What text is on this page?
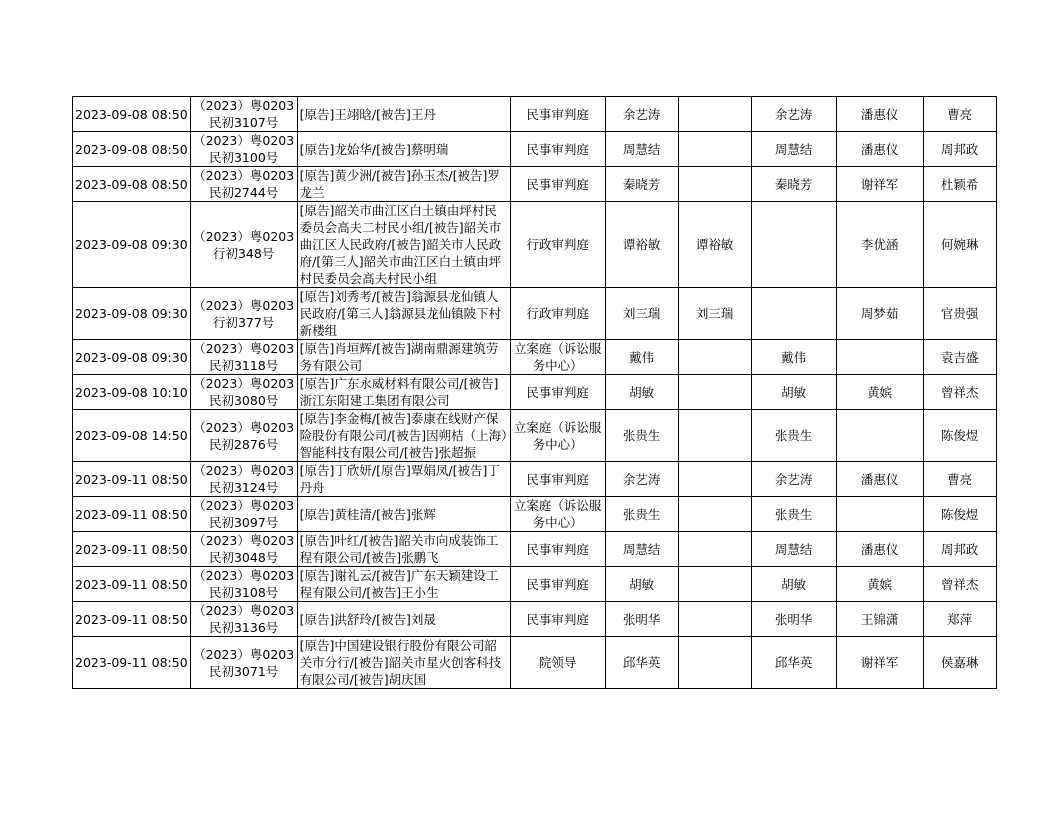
2023-09-08 08:50	（2023）粤0203民初3107号	[原告]王翊晗/[被告]王丹	民事审判庭	余艺涛		余艺涛	潘惠仪	曹亮
2023-09-08 08:50	（2023）粤0203民初3100号	[原告]龙始华/[被告]蔡明瑞	民事审判庭	周慧结		周慧结	潘惠仪	周邦政
2023-09-08 08:50	（2023）粤0203民初2744号	[原告]黄少洲/[被告]孙玉杰/[被告]罗龙兰	民事审判庭	秦晓芳		秦晓芳	谢祥军	杜颖希
2023-09-08 09:30	（2023）粤0203行初348号	[原告]韶关市曲江区白土镇由坪村民委员会高夫二村民小组/[被告]韶关市曲江区人民政府/[被告]韶关市人民政府/[第三人]韶关市曲江区白土镇由坪村民委员会高夫村民小组	行政审判庭	谭裕敏	谭裕敏		李优涵	何婉琳
2023-09-08 09:30	（2023）粤0203行初377号	[原告]刘秀考/[被告]翁源县龙仙镇人民政府/[第三人]翁源县龙仙镇陂下村新楼组	行政审判庭	刘三瑞	刘三瑞		周梦茹	官贵强
2023-09-08 09:30	（2023）粤0203民初3118号	[原告]肖垣辉/[被告]湖南鼎源建筑劳务有限公司	立案庭（诉讼服务中心）	戴伟		戴伟		袁吉盛
2023-09-08 10:10	（2023）粤0203民初3080号	[原告]广东永威材料有限公司/[被告]浙江东阳建工集团有限公司	民事审判庭	胡敏		胡敏	黄嫔	曾祥杰
2023-09-08 14:50	（2023）粤0203民初2876号	[原告]李金梅/[被告]泰康在线财产保险股份有限公司/[被告]因朔桔（上海）智能科技有限公司/[被告]张超振	立案庭（诉讼服务中心）	张贵生		张贵生		陈俊煜
2023-09-11 08:50	（2023）粤0203民初3124号	[原告]丁欣妍/[原告]覃娟凤/[被告]丁丹舟	民事审判庭	余艺涛		余艺涛	潘惠仪	曹亮
2023-09-11 08:50	（2023）粤0203民初3097号	[原告]黄桂清/[被告]张辉	立案庭（诉讼服务中心）	张贵生		张贵生		陈俊煜
2023-09-11 08:50	（2023）粤0203民初3048号	[原告]叶红/[被告]韶关市向成装饰工程有限公司/[被告]张鹏飞	民事审判庭	周慧结		周慧结	潘惠仪	周邦政
2023-09-11 08:50	（2023）粤0203民初3108号	[原告]谢礼云/[被告]广东天颖建设工程有限公司/[被告]王小生	民事审判庭	胡敏		胡敏	黄嫔	曾祥杰
2023-09-11 08:50	（2023）粤0203民初3136号	[原告]洪舒玲/[被告]刘晟	民事审判庭	张明华		张明华	王锦潇	郑萍
2023-09-11 08:50	（2023）粤0203民初3071号	[原告]中国建设银行股份有限公司韶关市分行/[被告]韶关市星火创客科技有限公司/[被告]胡庆国	院领导	邱华英		邱华英	谢祥军	侯嘉琳
